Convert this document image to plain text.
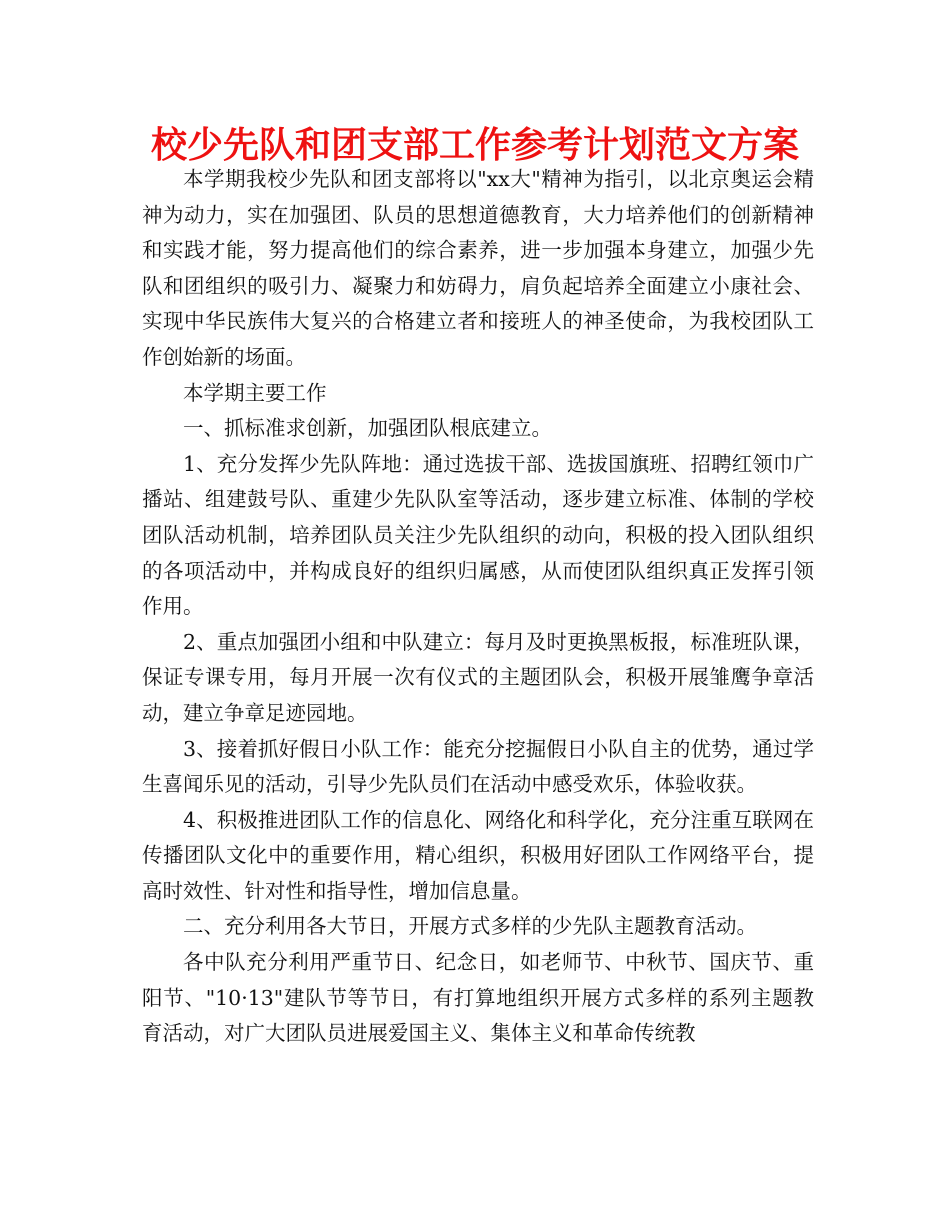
校少先队和团支部工作参考计划范文方案

本学期我校少先队和团支部将以"xx大"精神为指引，以北京奥运会精神为动力，实在加强团、队员的思想道德教育，大力培养他们的创新精神和实践才能，努力提高他们的综合素养，进一步加强本身建立，加强少先队和团组织的吸引力、凝聚力和妨碍力，肩负起培养全面建立小康社会、实现中华民族伟大复兴的合格建立者和接班人的神圣使命，为我校团队工作创始新的场面。

本学期主要工作

一、抓标准求创新，加强团队根底建立。

1、充分发挥少先队阵地：通过选拔干部、选拔国旗班、招聘红领巾广播站、组建鼓号队、重建少先队队室等活动，逐步建立标准、体制的学校团队活动机制，培养团队员关注少先队组织的动向，积极的投入团队组织的各项活动中，并构成良好的组织归属感，从而使团队组织真正发挥引领作用。

2、重点加强团小组和中队建立：每月及时更换黑板报，标准班队课，保证专课专用，每月开展一次有仪式的主题团队会，积极开展雏鹰争章活动，建立争章足迹园地。

3、接着抓好假日小队工作：能充分挖掘假日小队自主的优势，通过学生喜闻乐见的活动，引导少先队员们在活动中感受欢乐，体验收获。

4、积极推进团队工作的信息化、网络化和科学化，充分注重互联网在传播团队文化中的重要作用，精心组织，积极用好团队工作网络平台，提高时效性、针对性和指导性，增加信息量。

二、充分利用各大节日，开展方式多样的少先队主题教育活动。

各中队充分利用严重节日、纪念日，如老师节、中秋节、国庆节、重阳节、"10·13"建队节等节日，有打算地组织开展方式多样的系列主题教育活动，对广大团队员进展爱国主义、集体主义和革命传统教
